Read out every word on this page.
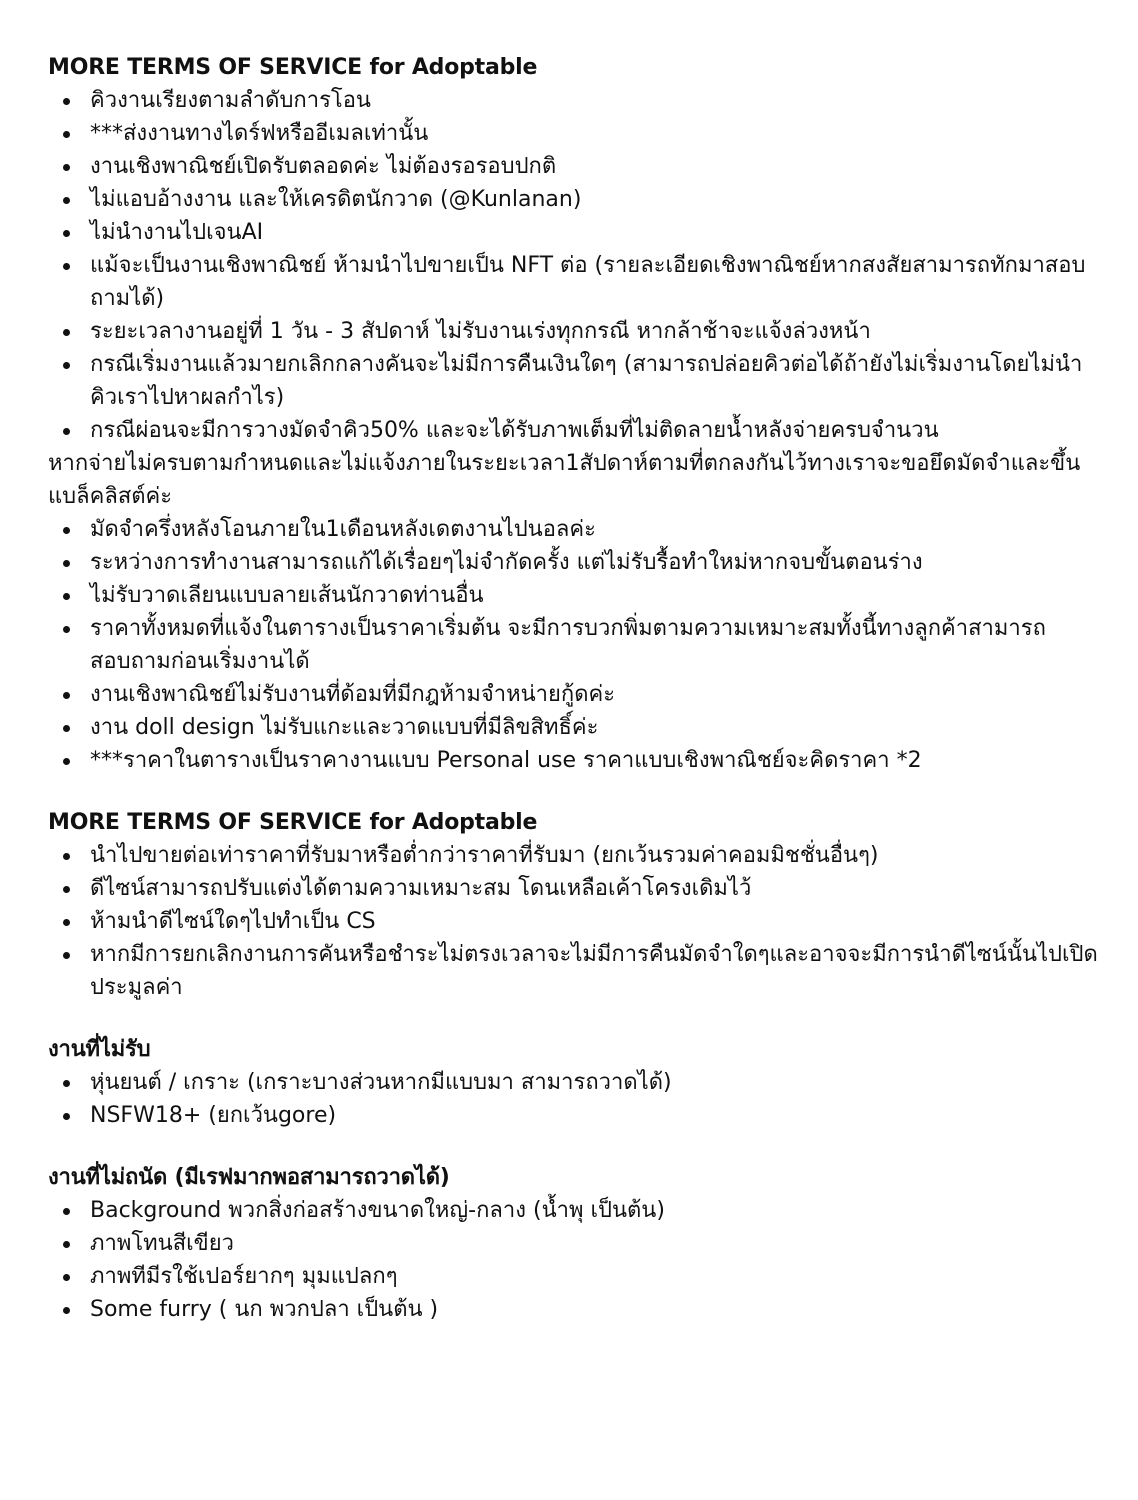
MORE TERMS OF SERVICE for Adoptable
คิวงานเรียงตามลำดับการโอน
***ส่งงานทางไดร์ฟหรืออีเมลเท่านั้น
งานเชิงพาณิชย์เปิดรับตลอดค่ะ ไม่ต้องรอรอบปกติ
ไม่แอบอ้างงาน และให้เครดิตนักวาด (@Kunlanan)
ไม่นำงานไปเจนAI
แม้จะเป็นงานเชิงพาณิชย์ ห้ามนำไปขายเป็น NFT ต่อ (รายละเอียดเชิงพาณิชย์หากสงสัยสามารถทักมาสอบถามได้)
ระยะเวลางานอยู่ที่ 1 วัน - 3 สัปดาห์ ไม่รับงานเร่งทุกกรณี หากล้าช้าจะแจ้งล่วงหน้า
กรณีเริ่มงานแล้วมายกเลิกกลางคันจะไม่มีการคืนเงินใดๆ (สามารถปล่อยคิวต่อได้ถ้ายังไม่เริ่มงานโดยไม่นำคิวเราไปหาผลกำไร)
กรณีผ่อนจะมีการวางมัดจำคิว50% และจะได้รับภาพเต็มที่ไม่ติดลายน้ำหลังจ่ายครบจำนวน
หากจ่ายไม่ครบตามกำหนดและไม่แจ้งภายในระยะเวลา1สัปดาห์ตามที่ตกลงกันไว้ทางเราจะขอยึดมัดจำและขึ้นแบล็คลิสต์ค่ะ
มัดจำครึ่งหลังโอนภายใน1เดือนหลังเดตงานไปนอลค่ะ
ระหว่างการทำงานสามารถแก้ได้เรื่อยๆไม่จำกัดครั้ง แต่ไม่รับรื้อทำใหม่หากจบขั้นตอนร่าง
ไม่รับวาดเลียนแบบลายเส้นนักวาดท่านอื่น
ราคาทั้งหมดที่แจ้งในตารางเป็นราคาเริ่มต้น จะมีการบวกพิ่มตามความเหมาะสมทั้งนี้ทางลูกค้าสามารถสอบถามก่อนเริ่มงานได้
งานเชิงพาณิชย์ไม่รับงานที่ด้อมที่มีกฎห้ามจำหน่ายกู้ดค่ะ
งาน doll design ไม่รับแกะและวาดแบบที่มีลิขสิทธิ์ค่ะ
***ราคาในตารางเป็นราคางานแบบ Personal use ราคาแบบเชิงพาณิชย์จะคิดราคา *2
MORE TERMS OF SERVICE for Adoptable
นำไปขายต่อเท่าราคาที่รับมาหรือต่ำกว่าราคาที่รับมา (ยกเว้นรวมค่าคอมมิชชั่นอื่นๆ)
ดีไซน์สามารถปรับแต่งได้ตามความเหมาะสม โดนเหลือเค้าโครงเดิมไว้
ห้ามนำดีไซน์ใดๆไปทำเป็น CS
หากมีการยกเลิกงานการคันหรือชำระไม่ตรงเวลาจะไม่มีการคืนมัดจำใดๆและอาจจะมีการนำดีไซน์นั้นไปเปิดประมูลค่า
งานที่ไม่รับ
หุ่นยนต์ / เกราะ (เกราะบางส่วนหากมีแบบมา สามารถวาดได้)
NSFW18+ (ยกเว้นgore)
งานที่ไม่ถนัด (มีเรฟมากพอสามารถวาดได้)
Background พวกสิ่งก่อสร้างขนาดใหญ่-กลาง (น้ำพุ เป็นต้น)
ภาพโทนสีเขียว
ภาพทีมีรใช้เปอร์ยากๆ มุมแปลกๆ
Some furry ( นก พวกปลา เป็นต้น )
